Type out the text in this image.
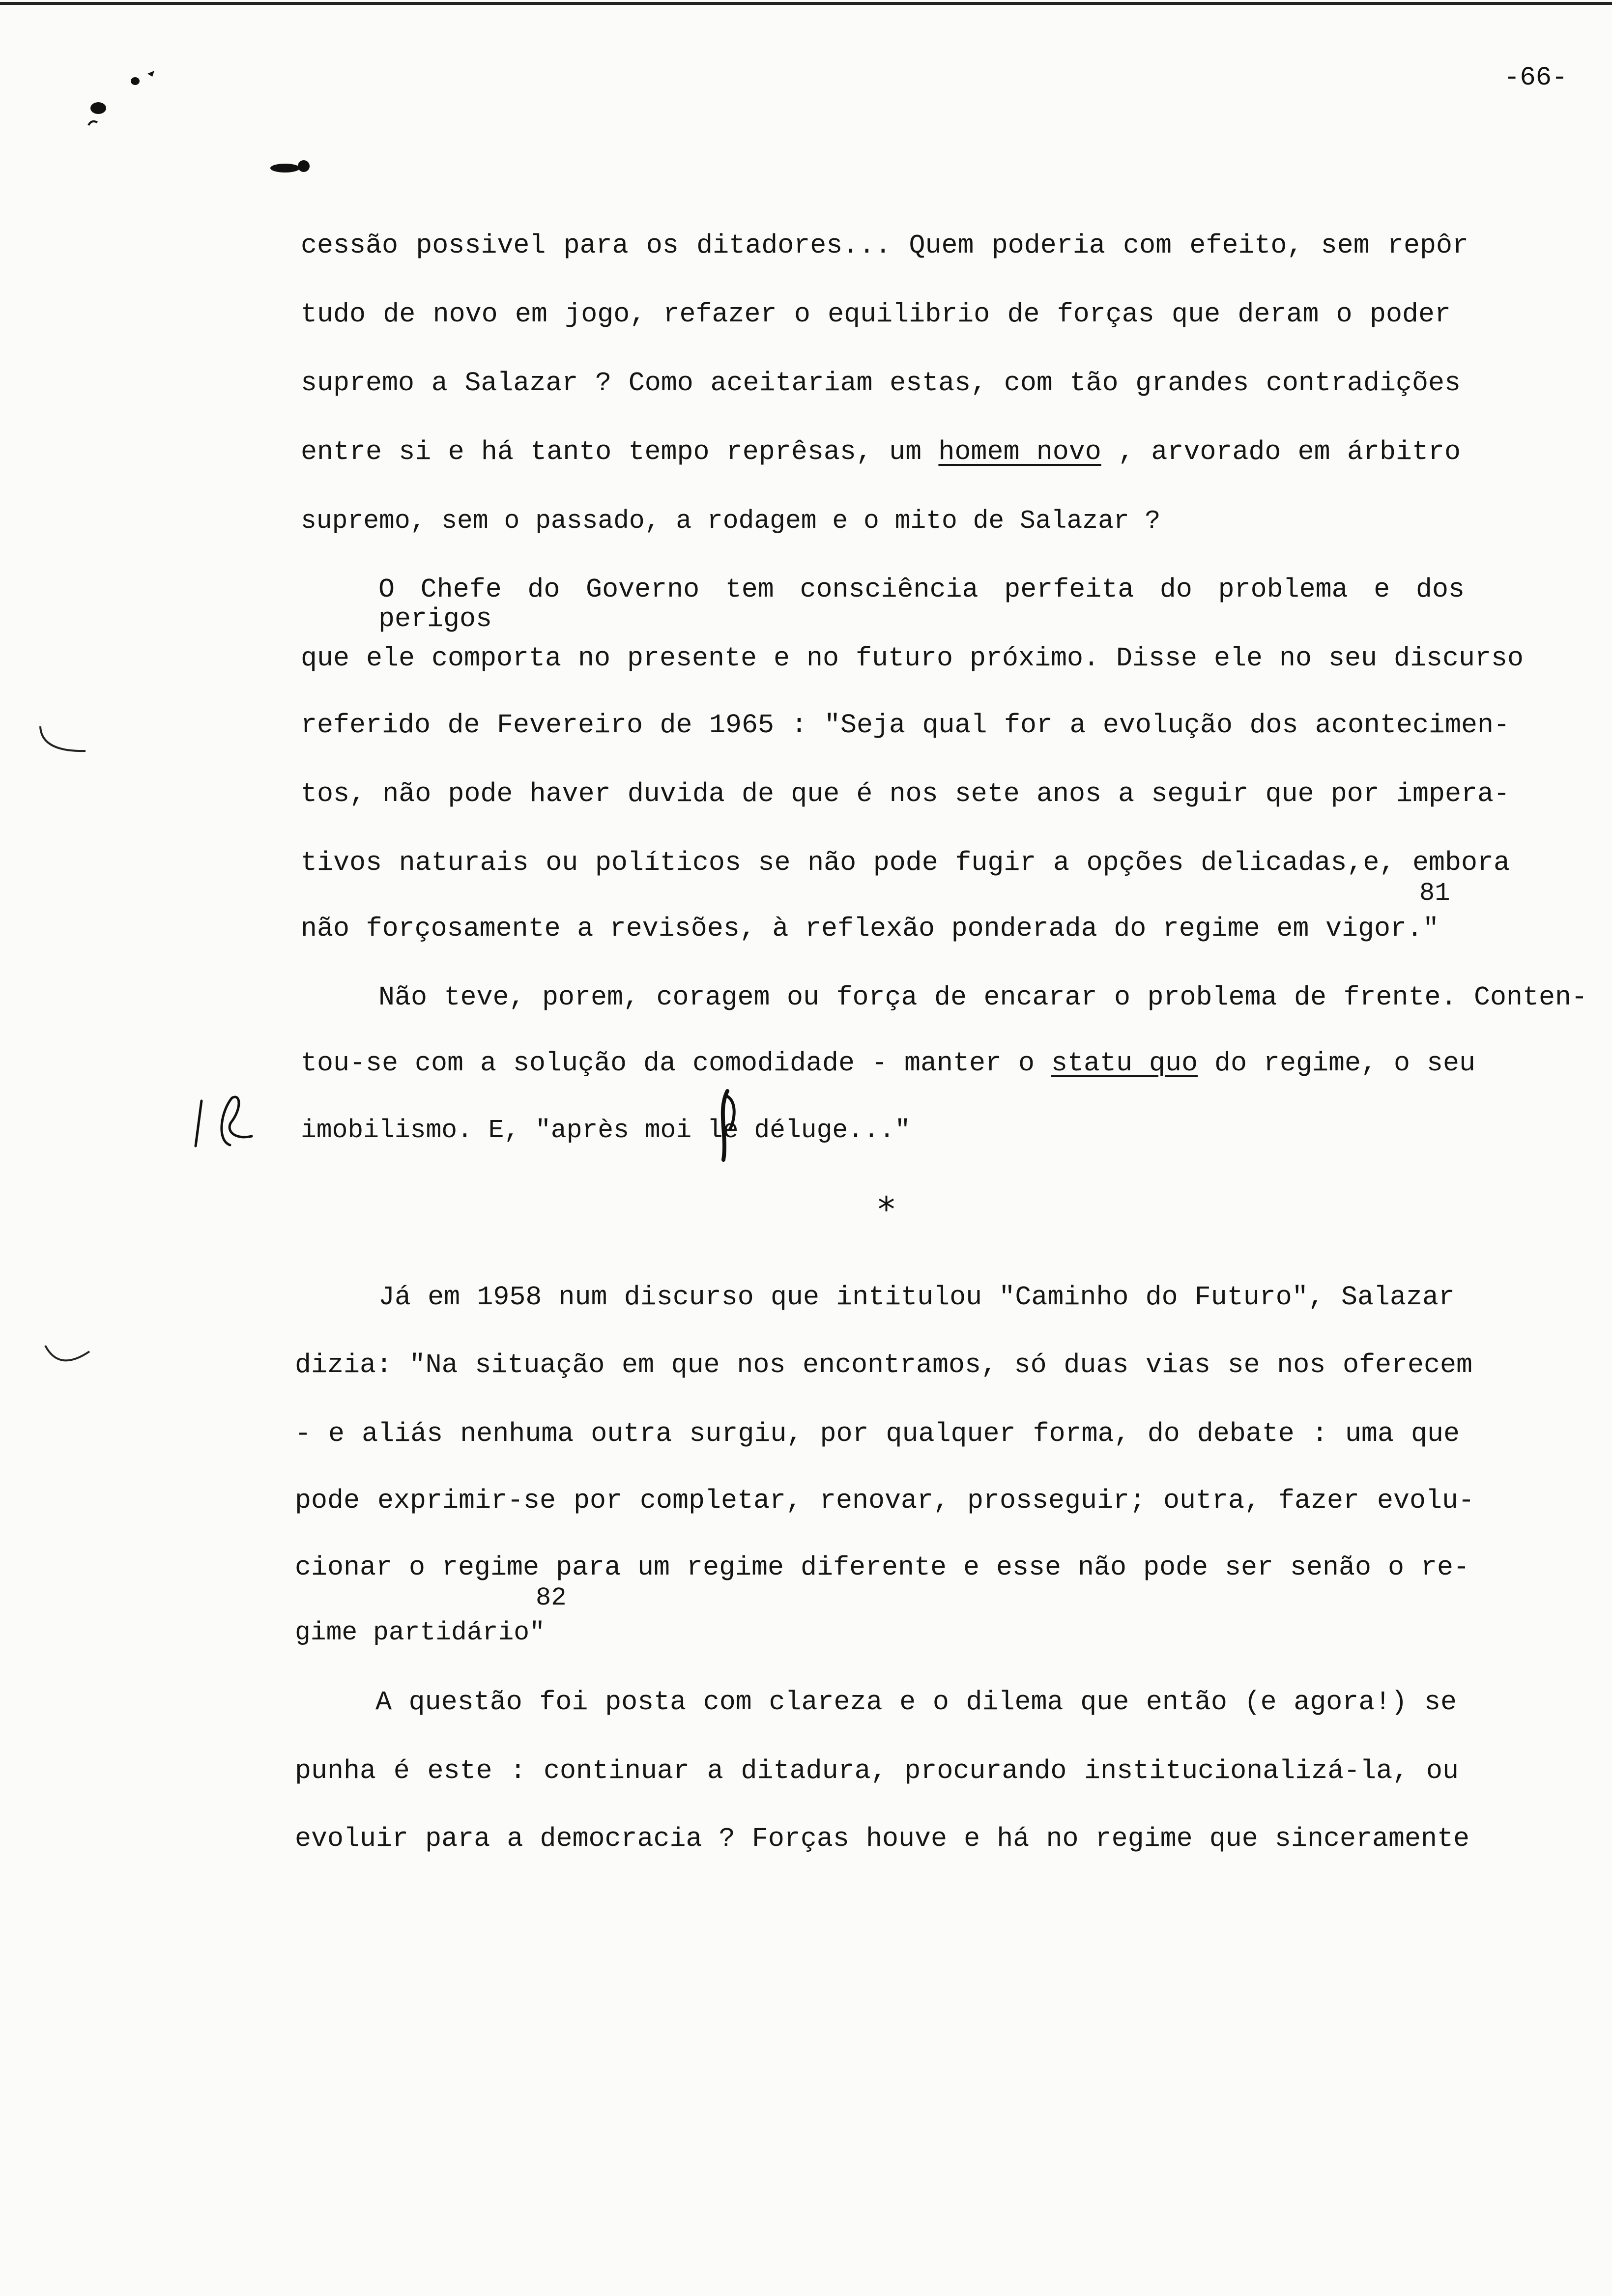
-66-
cessão possivel para os ditadores... Quem poderia com efeito, sem repôr
tudo de novo em jogo, refazer o equilibrio de forças que deram o poder
supremo a Salazar ? Como aceitariam estas, com tão grandes contradições
entre si e há tanto tempo reprêsas, um homem novo , arvorado em árbitro
supremo, sem o passado, a rodagem e o mito de Salazar ?
O Chefe do Governo tem consciência perfeita do problema e dos perigos
que ele comporta no presente e no futuro próximo. Disse ele no seu discurso
referido de Fevereiro de 1965 : "Seja qual for a evolução dos acontecimen-
tos, não pode haver duvida de que é nos sete anos a seguir que por impera-
tivos naturais ou políticos se não pode fugir a opções delicadas,e, embora
81
não forçosamente a revisões, à reflexão ponderada do regime em vigor."
Não teve, porem, coragem ou força de encarar o problema de frente. Conten-
tou-se com a solução da comodidade - manter o statu quo do regime, o seu
imobilismo. E, "après moi le déluge..."
*
Já em 1958 num discurso que intitulou "Caminho do Futuro", Salazar
dizia: "Na situação em que nos encontramos, só duas vias se nos oferecem
- e aliás nenhuma outra surgiu, por qualquer forma, do debate : uma que
pode exprimir-se por completar, renovar, prosseguir; outra, fazer evolu-
cionar o regime para um regime diferente e esse não pode ser senão o re-
82
gime partidário"
A questão foi posta com clareza e o dilema que então (e agora!) se
punha é este : continuar a ditadura, procurando institucionalizá-la, ou
evoluir para a democracia ? Forças houve e há no regime que sinceramente
